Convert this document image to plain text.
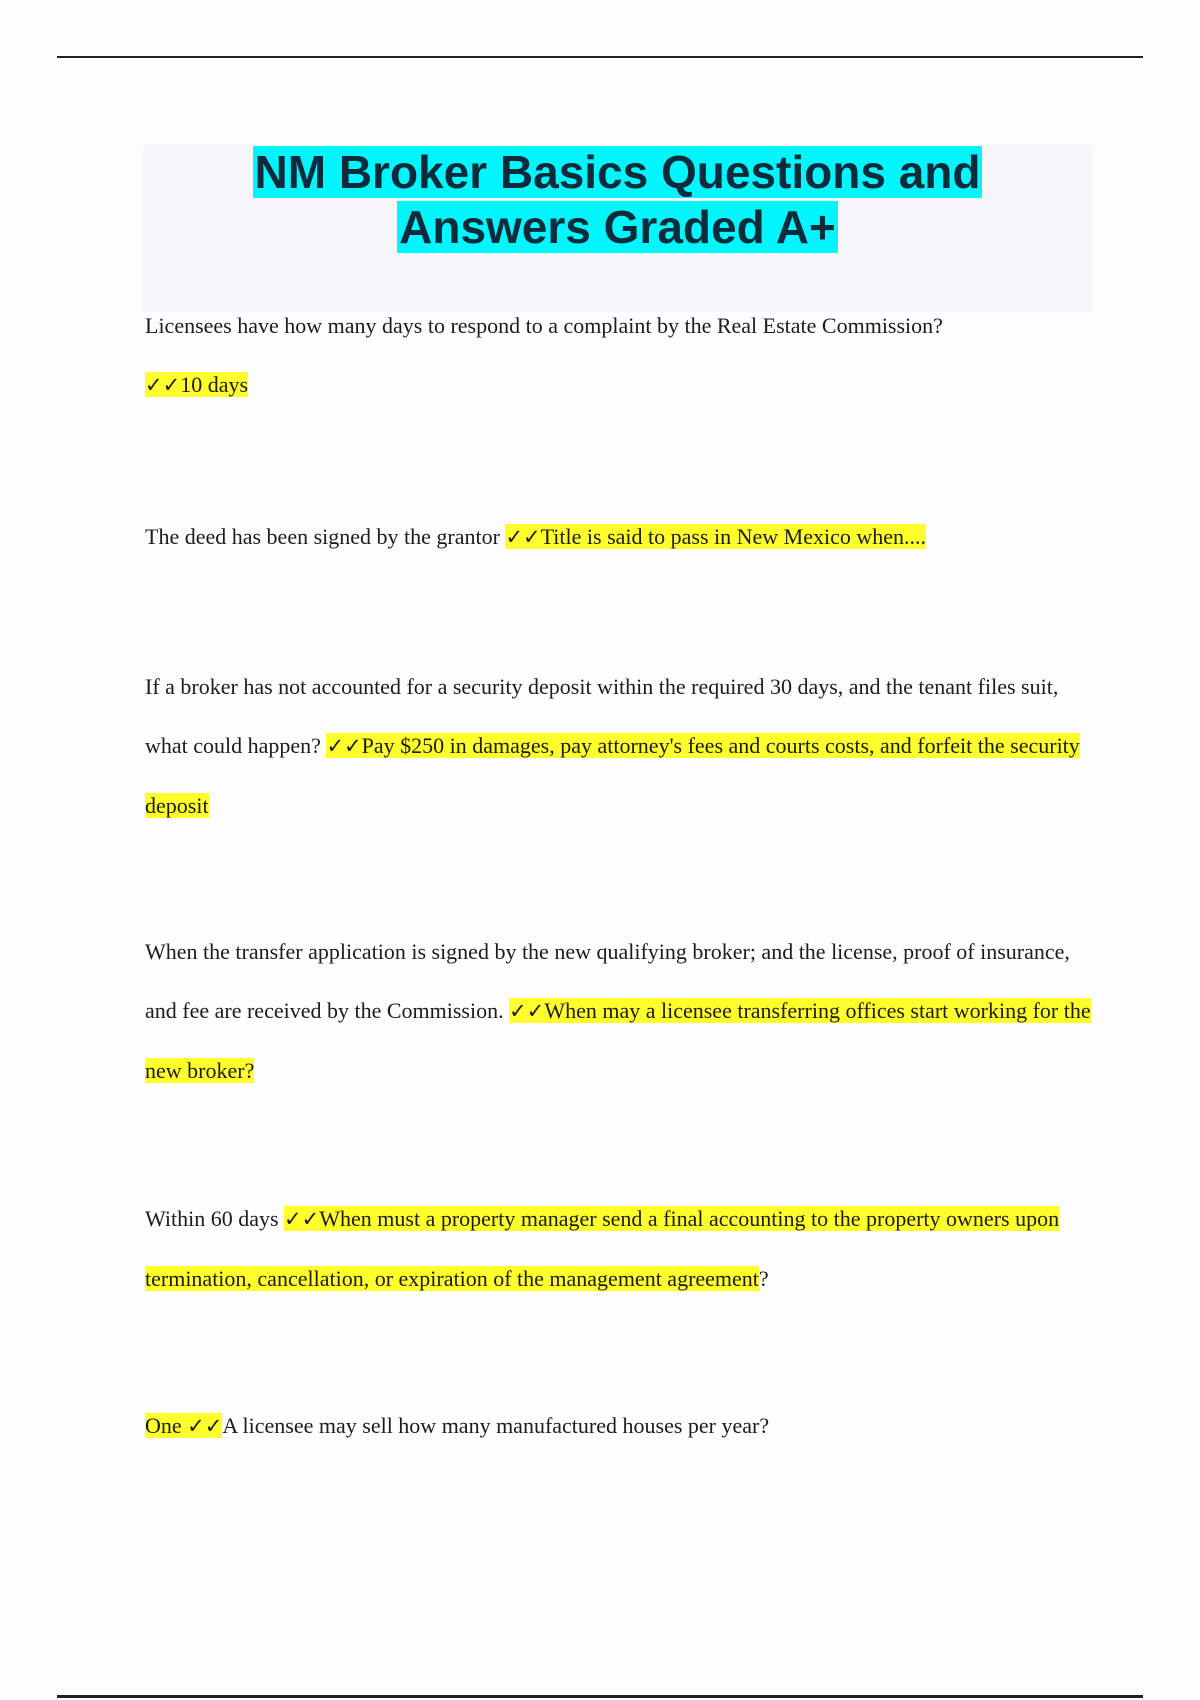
NM Broker Basics Questions and
Answers Graded A+

Licensees have how many days to respond to a complaint by the Real Estate Commission?
✓✓10 days

The deed has been signed by the grantor ✓✓Title is said to pass in New Mexico when....

If a broker has not accounted for a security deposit within the required 30 days, and the tenant files suit, what could happen? ✓✓Pay $250 in damages, pay attorney's fees and courts costs, and forfeit the security deposit

When the transfer application is signed by the new qualifying broker; and the license, proof of insurance, and fee are received by the Commission. ✓✓When may a licensee transferring offices start working for the new broker?

Within 60 days ✓✓When must a property manager send a final accounting to the property owners upon termination, cancellation, or expiration of the management agreement?

One ✓✓A licensee may sell how many manufactured houses per year?
